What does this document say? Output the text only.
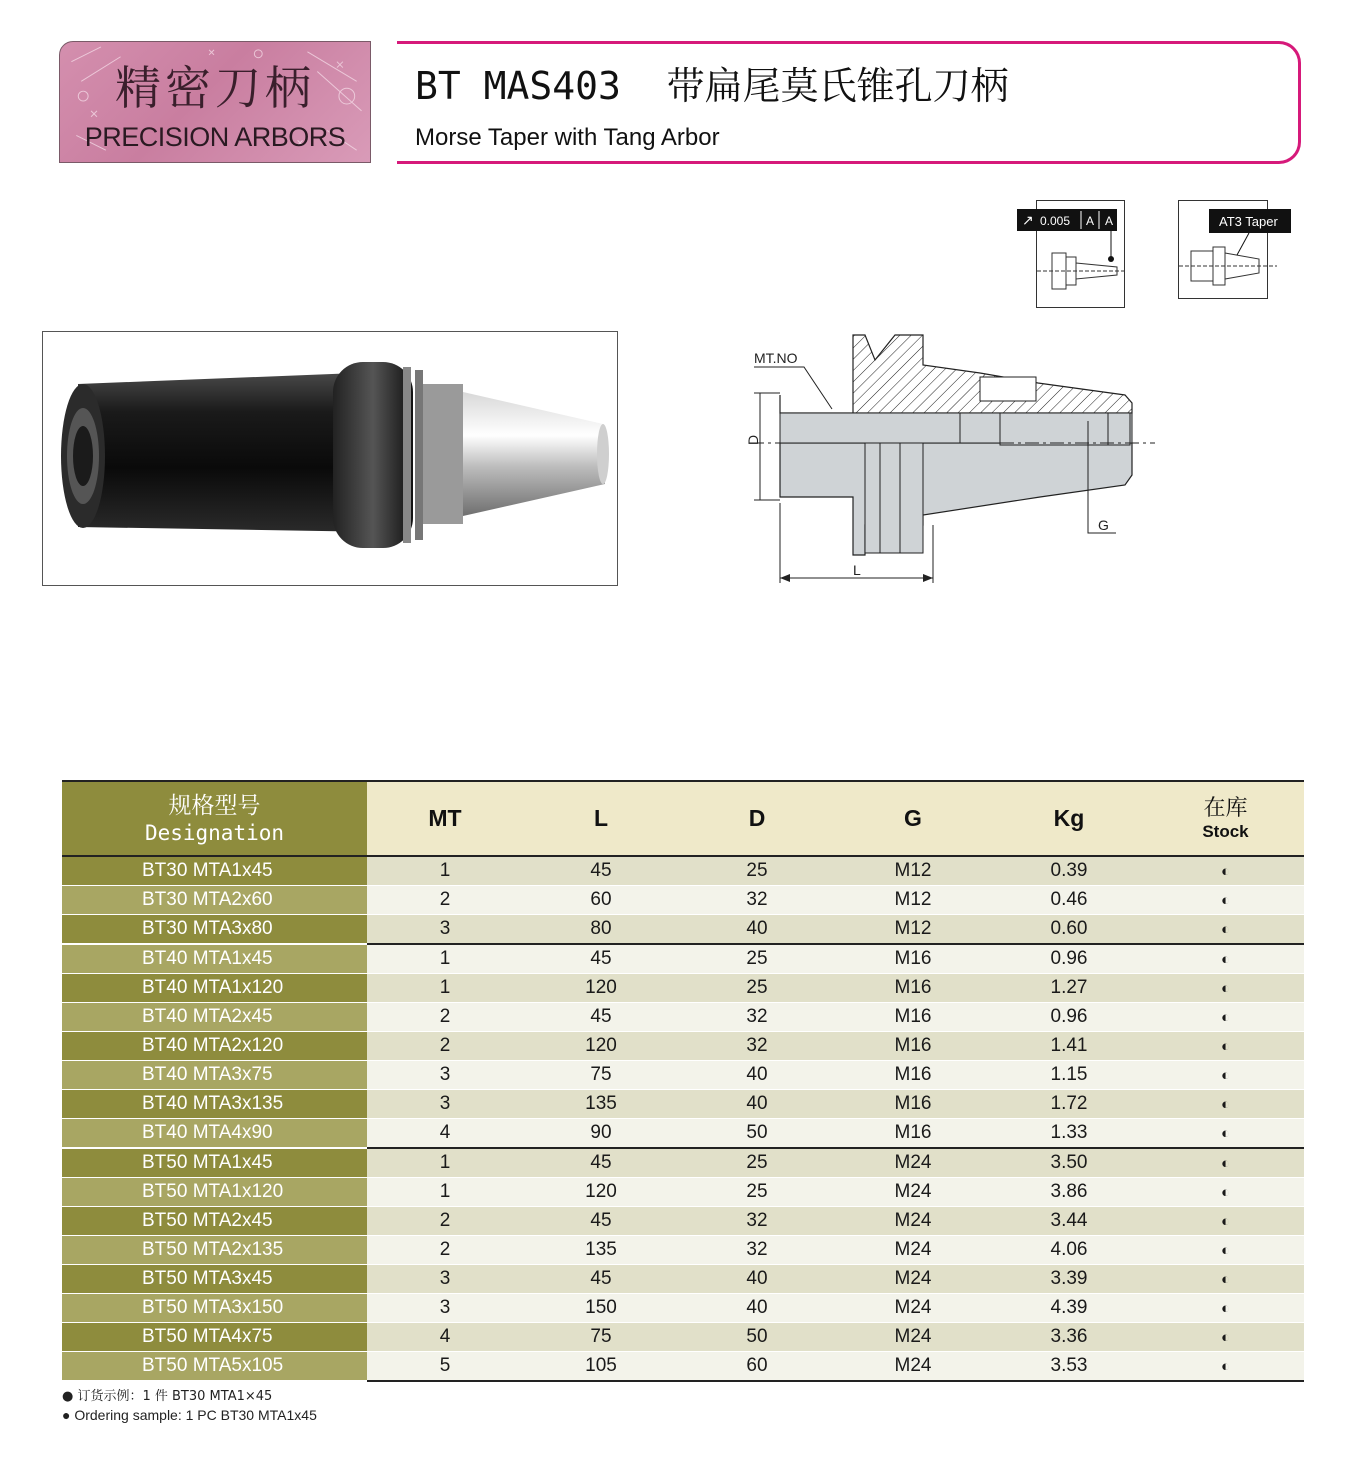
精密刀柄
PRECISION ARBORS
BT MAS403  带扁尾莫氏锥孔刀柄
Morse Taper with Tang Arbor
↗ 0.005 A A	AT3 Taper
MT.NO
D
L
G
规格型号
Designation	MT	L	D	G	Kg	在库
Stock

BT30 MTA1x45	1	45	25	M12	0.39	◐
BT30 MTA2x60	2	60	32	M12	0.46	◐
BT30 MTA3x80	3	80	40	M12	0.60	◐
BT40 MTA1x45	1	45	25	M16	0.96	◐
BT40 MTA1x120	1	120	25	M16	1.27	◐
BT40 MTA2x45	2	45	32	M16	0.96	◐
BT40 MTA2x120	2	120	32	M16	1.41	◐
BT40 MTA3x75	3	75	40	M16	1.15	◐
BT40 MTA3x135	3	135	40	M16	1.72	◐
BT40 MTA4x90	4	90	50	M16	1.33	◐
BT50 MTA1x45	1	45	25	M24	3.50	◐
BT50 MTA1x120	1	120	25	M24	3.86	◐
BT50 MTA2x45	2	45	32	M24	3.44	◐
BT50 MTA2x135	2	135	32	M24	4.06	◐
BT50 MTA3x45	3	45	40	M24	3.39	◐
BT50 MTA3x150	3	150	40	M24	4.39	◐
BT50 MTA4x75	4	75	50	M24	3.36	◐
BT50 MTA5x105	5	105	60	M24	3.53	◐
● 订货示例：1 件 BT30 MTA1×45
● Ordering sample: 1 PC BT30 MTA1x45
